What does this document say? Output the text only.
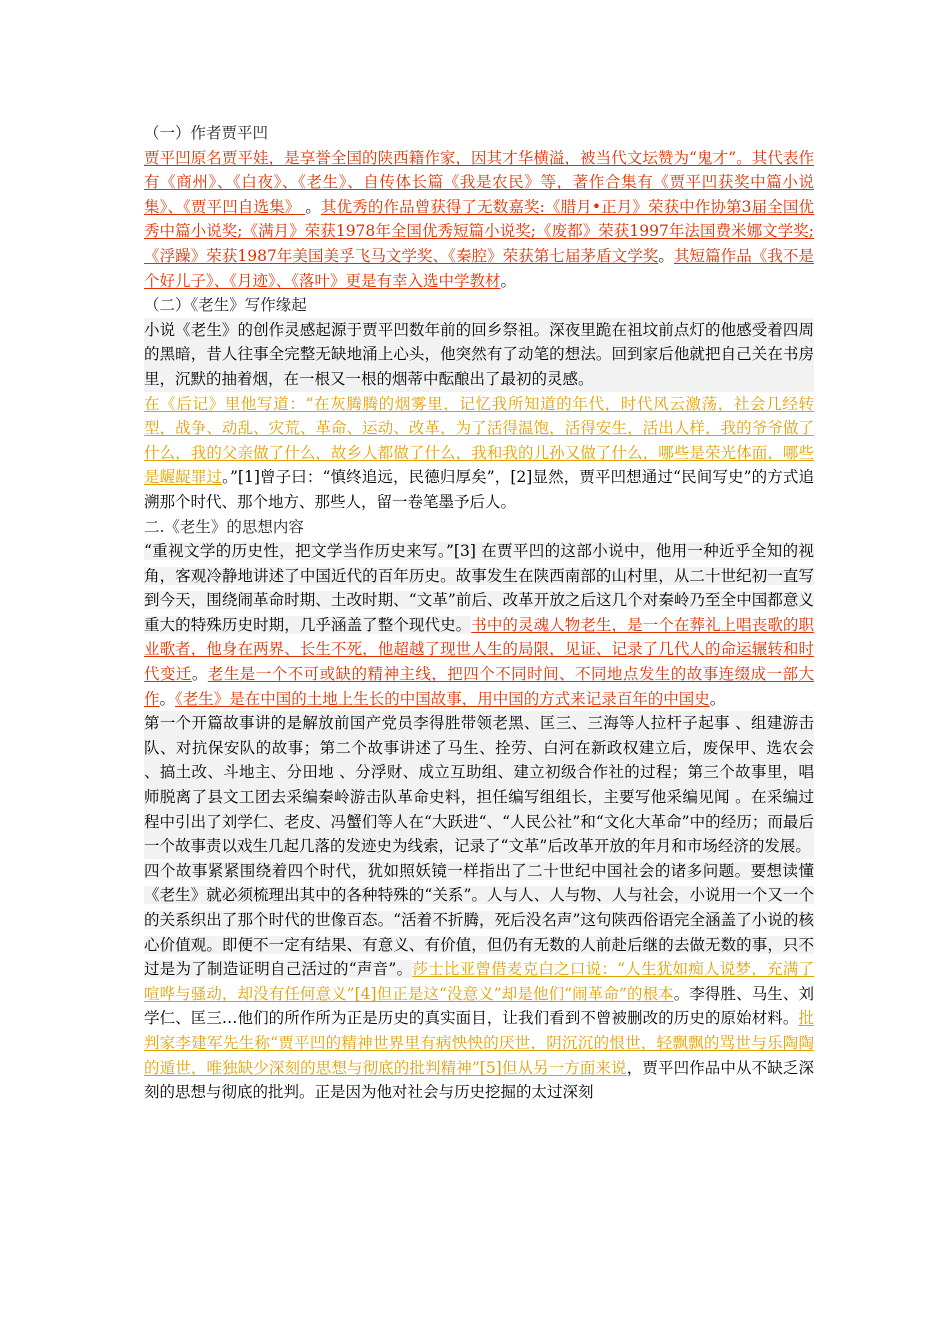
（一）作者贾平凹

贾平凹原名贾平娃，是享誉全国的陕西籍作家，因其才华横溢，被当代文坛赞为“鬼才”。其代表作有《商州》、《白夜》、《老生》、自传体长篇《我是农民》等，著作合集有《贾平凹获奖中篇小说集》、《贾平凹自选集》 。其优秀的作品曾获得了无数嘉奖:《腊月•正月》荣获中作协第3届全国优秀中篇小说奖;《满月》荣获1978年全国优秀短篇小说奖;《废都》荣获1997年法国费米娜文学奖;《浮躁》荣获1987年美国美孚飞马文学奖、《秦腔》荣获第七届茅盾文学奖。其短篇作品《我不是个好儿子》、《月迹》、《落叶》更是有幸入选中学教材。

（二）《老生》写作缘起

小说《老生》的创作灵感起源于贾平凹数年前的回乡祭祖。深夜里跪在祖坟前点灯的他感受着四周的黑暗，昔人往事全完整无缺地涌上心头，他突然有了动笔的想法。回到家后他就把自己关在书房里，沉默的抽着烟，在一根又一根的烟蒂中酝酿出了最初的灵感。

在《后记》里他写道：“在灰腾腾的烟雾里，记忆我所知道的年代，时代风云激荡，社会几经转型，战争、动乱、灾荒、革命、运动、改革，为了活得温饱，活得安生，活出人样，我的爷爷做了什么，我的父亲做了什么，故乡人都做了什么，我和我的儿孙又做了什么，哪些是荣光体面，哪些是龌龊罪过。”[1]曾子曰：“慎终追远，民德归厚矣”，[2]显然，贾平凹想通过“民间写史”的方式追溯那个时代、那个地方、那些人，留一卷笔墨予后人。

二.《老生》的思想内容

“重视文学的历史性，把文学当作历史来写。”[3] 在贾平凹的这部小说中，他用一种近乎全知的视角，客观冷静地讲述了中国近代的百年历史。故事发生在陕西南部的山村里，从二十世纪初一直写到今天，围绕闹革命时期、土改时期、“文革”前后、改革开放之后这几个对秦岭乃至全中国都意义重大的特殊历史时期，几乎涵盖了整个现代史。书中的灵魂人物老生，是一个在葬礼上唱丧歌的职业歌者，他身在两界、长生不死，他超越了现世人生的局限，见证、记录了几代人的命运辗转和时代变迁。老生是一个不可或缺的精神主线，把四个不同时间、不同地点发生的故事连缀成一部大作。《老生》是在中国的土地上生长的中国故事，用中国的方式来记录百年的中国史。

第一个开篇故事讲的是解放前国产党员李得胜带领老黑、匡三、三海等人拉杆子起事 、组建游击队、对抗保安队的故事；第二个故事讲述了马生、拴劳、白河在新政权建立后，废保甲、选农会 、搞土改、斗地主、分田地 、分浮财、成立互助组、建立初级合作社的过程；第三个故事里，唱师脱离了县文工团去采编秦岭游击队革命史料，担任编写组组长，主要写他采编见闻 。在采编过程中引出了刘学仁、老皮、冯蟹们等人在“大跃进“、“人民公社”和“文化大革命”中的经历；而最后一个故事责以戏生几起几落的发迹史为线索，记录了“文革”后改革开放的年月和市场经济的发展。

四个故事紧紧围绕着四个时代，犹如照妖镜一样指出了二十世纪中国社会的诸多问题。要想读懂《老生》就必须梳理出其中的各种特殊的“关系”。人与人、人与物、人与社会，小说用一个又一个的关系织出了那个时代的世像百态。“活着不折腾，死后没名声”这句陕西俗语完全涵盖了小说的核心价值观。即便不一定有结果、有意义、有价值，但仍有无数的人前赴后继的去做无数的事，只不过是为了制造证明自己活过的“声音”。莎士比亚曾借麦克白之口说：“人生犹如痴人说梦，充满了喧哗与骚动，却没有任何意义”[4]但正是这“没意义”却是他们“闹革命”的根本。李得胜、马生、刘学仁、匡三…他们的所作所为正是历史的真实面目，让我们看到不曾被删改的历史的原始材料。批判家李建军先生称“贾平凹的精神世界里有病怏怏的厌世，阴沉沉的恨世，轻飘飘的骂世与乐陶陶的遁世，唯独缺少深刻的思想与彻底的批判精神”[5]但从另一方面来说，贾平凹作品中从不缺乏深刻的思想与彻底的批判。正是因为他对社会与历史挖掘的太过深刻
